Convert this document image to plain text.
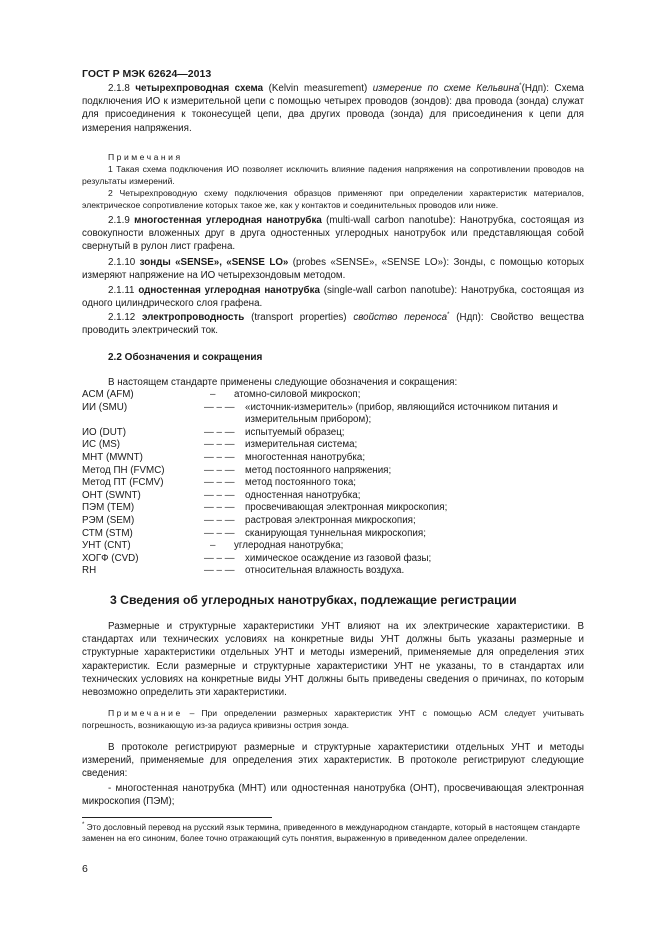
ГОСТ Р МЭК 62624—2013

2.1.8 четырехпроводная схема (Kelvin measurement) измерение по схеме Кельвина*(Ндп): Схема подключения ИО к измерительной цепи с помощью четырех проводов (зондов): два провода (зонда) служат для присоединения к токонесущей цепи, два других провода (зонда) для присоединения к цепи для измерения напряжения.

Примечания

1 Такая схема подключения ИО позволяет исключить влияние падения напряжения на сопротивлении проводов на результаты измерений.

2 Четырехпроводную схему подключения образцов применяют при определении характеристик материалов, электрическое сопротивление которых такое же, как у контактов и соединительных проводов или ниже.

2.1.9 многостенная углеродная нанотрубка (multi-wall carbon nanotube): Нанотрубка, состоящая из совокупности вложенных друг в друга одностенных углеродных нанотрубок или представляющая собой свернутый в рулон лист графена.

2.1.10 зонды «SENSE», «SENSE LO» (probes «SENSE», «SENSE LO»): Зонды, с помощью которых измеряют напряжение на ИО четырехзондовым методом.

2.1.11 одностенная углеродная нанотрубка (single-wall carbon nanotube): Нанотрубка, состоящая из одного цилиндрического слоя графена.

2.1.12 электропроводность (transport properties) свойство переноса* (Ндп): Свойство вещества проводить электрический ток.

2.2 Обозначения и сокращения

В настоящем стандарте применены следующие обозначения и сокращения:

ACM (AFM)	–	атомно-силовой микроскоп;
ИИ (SMU)	— – —	«источник-измеритель» (прибор, являющийся источником питания и измерительным прибором);
ИО (DUT)	— – —	испытуемый образец;
ИС (MS)	— – —	измерительная система;
МНТ (MWNT)	— – —	многостенная нанотрубка;
Метод ПН (FVMC)	— – —	метод постоянного напряжения;
Метод ПТ (FCMV)	— – —	метод постоянного тока;
ОНТ (SWNT)	— – —	одностенная нанотрубка;
ПЭМ (TEM)	— – —	просвечивающая электронная микроскопия;
РЭМ (SEM)	— – —	растровая электронная микроскопия;
СТМ (STM)	— – —	сканирующая туннельная микроскопия;
УНТ (CNT)	–	углеродная нанотрубка;
ХОГФ (CVD)	— – —	химическое осаждение из газовой фазы;
RH	— – —	относительная влажность воздуха.
3 Сведения об углеродных нанотрубках, подлежащие регистрации

Размерные и структурные характеристики УНТ влияют на их электрические характеристики. В стандартах или технических условиях на конкретные виды УНТ должны быть указаны размерные и структурные характеристики отдельных УНТ и методы измерений, применяемые для определения этих характеристик. Если размерные и структурные характеристики УНТ не указаны, то в стандартах или технических условиях на конкретные виды УНТ должны быть приведены сведения о причинах, по которым невозможно определить эти характеристики.

Примечание – При определении размерных характеристик УНТ с помощью АСМ следует учитывать погрешность, возникающую из-за радиуса кривизны острия зонда.

В протоколе регистрируют размерные и структурные характеристики отдельных УНТ и методы измерений, применяемые для определения этих характеристик. В протоколе регистрируют следующие сведения:

- многостенная нанотрубка (МНТ) или одностенная нанотрубка (ОНТ), просвечивающая электронная микроскопия (ПЭМ);

* Это дословный перевод на русский язык термина, приведенного в международном стандарте, который в настоящем стандарте заменен на его синоним, более точно отражающий суть понятия, выраженную в приведенном далее определении.

6
